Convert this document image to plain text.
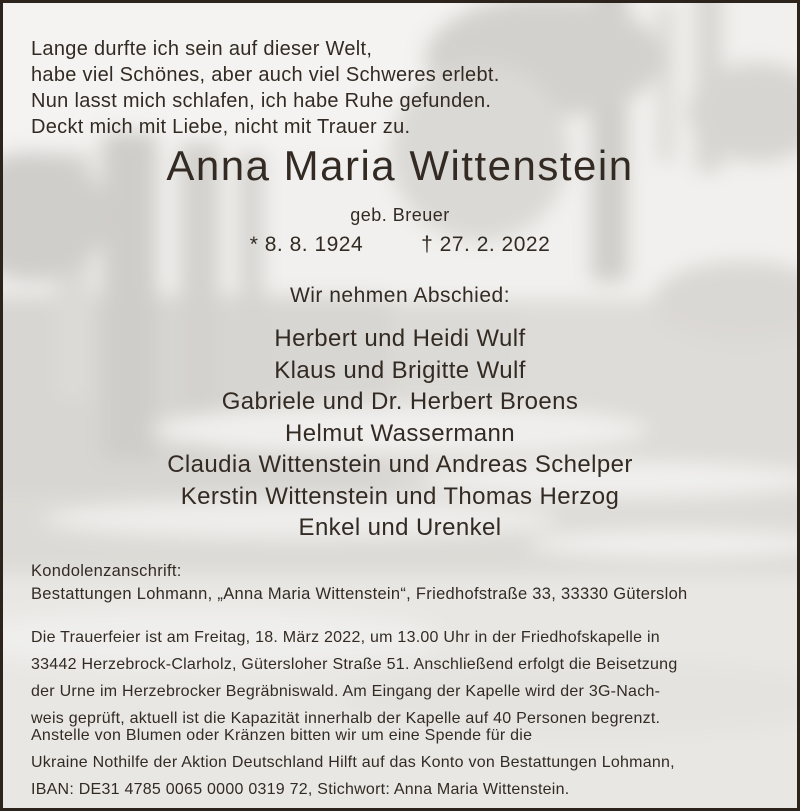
Lange durfte ich sein auf dieser Welt,
habe viel Schönes, aber auch viel Schweres erlebt.
Nun lasst mich schlafen, ich habe Ruhe gefunden.
Deckt mich mit Liebe, nicht mit Trauer zu.
Anna Maria Wittenstein
geb. Breuer
* 8. 8. 1924	† 27. 2. 2022
Wir nehmen Abschied:
Herbert und Heidi Wulf
Klaus und Brigitte Wulf
Gabriele und Dr. Herbert Broens
Helmut Wassermann
Claudia Wittenstein und Andreas Schelper
Kerstin Wittenstein und Thomas Herzog
Enkel und Urenkel
Kondolenzanschrift:
Bestattungen Lohmann, „Anna Maria Wittenstein“, Friedhofstraße 33, 33330 Gütersloh
Die Trauerfeier ist am Freitag, 18. März 2022, um 13.00 Uhr in der Friedhofskapelle in
33442 Herzebrock-Clarholz, Gütersloher Straße 51. Anschließend erfolgt die Beisetzung
der Urne im Herzebrocker Begräbniswald. Am Eingang der Kapelle wird der 3G-Nach-
weis geprüft, aktuell ist die Kapazität innerhalb der Kapelle auf 40 Personen begrenzt.
Anstelle von Blumen oder Kränzen bitten wir um eine Spende für die
Ukraine Nothilfe der Aktion Deutschland Hilft auf das Konto von Bestattungen Lohmann,
IBAN: DE31 4785 0065 0000 0319 72, Stichwort: Anna Maria Wittenstein.
